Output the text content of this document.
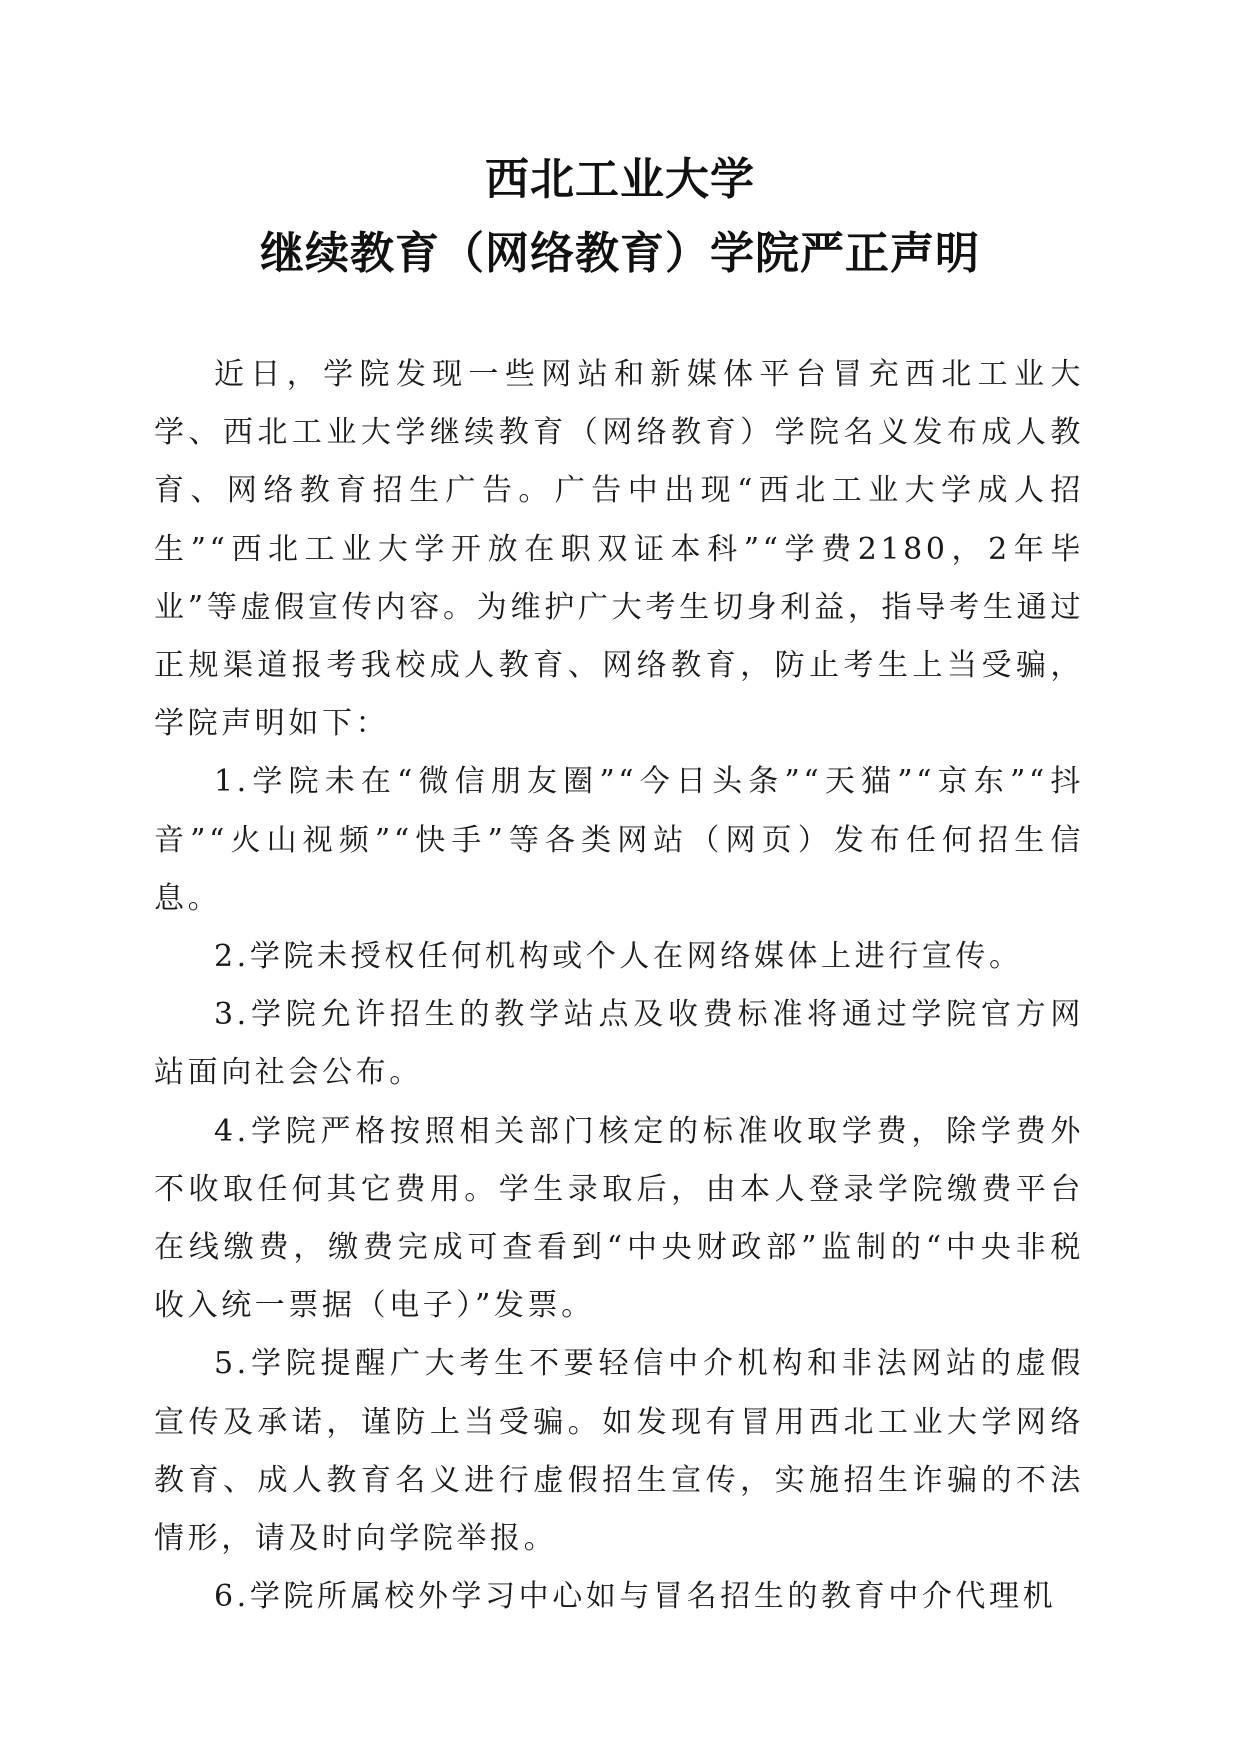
西北工业大学
继续教育（网络教育）学院严正声明

近日，学院发现一些网站和新媒体平台冒充西北工业大学、西北工业大学继续教育（网络教育）学院名义发布成人教育、网络教育招生广告。广告中出现“西北工业大学成人招生”“西北工业大学开放在职双证本科”“学费2180，2年毕业”等虚假宣传内容。为维护广大考生切身利益，指导考生通过正规渠道报考我校成人教育、网络教育，防止考生上当受骗，学院声明如下：

1.学院未在“微信朋友圈”“今日头条”“天猫”“京东”“抖音”“火山视频”“快手”等各类网站（网页）发布任何招生信息。

2.学院未授权任何机构或个人在网络媒体上进行宣传。

3.学院允许招生的教学站点及收费标准将通过学院官方网站面向社会公布。

4.学院严格按照相关部门核定的标准收取学费，除学费外不收取任何其它费用。学生录取后，由本人登录学院缴费平台在线缴费，缴费完成可查看到“中央财政部”监制的“中央非税收入统一票据（电子）”发票。

5.学院提醒广大考生不要轻信中介机构和非法网站的虚假宣传及承诺，谨防上当受骗。如发现有冒用西北工业大学网络教育、成人教育名义进行虚假招生宣传，实施招生诈骗的不法情形，请及时向学院举报。

6.学院所属校外学习中心如与冒名招生的教育中介代理机
